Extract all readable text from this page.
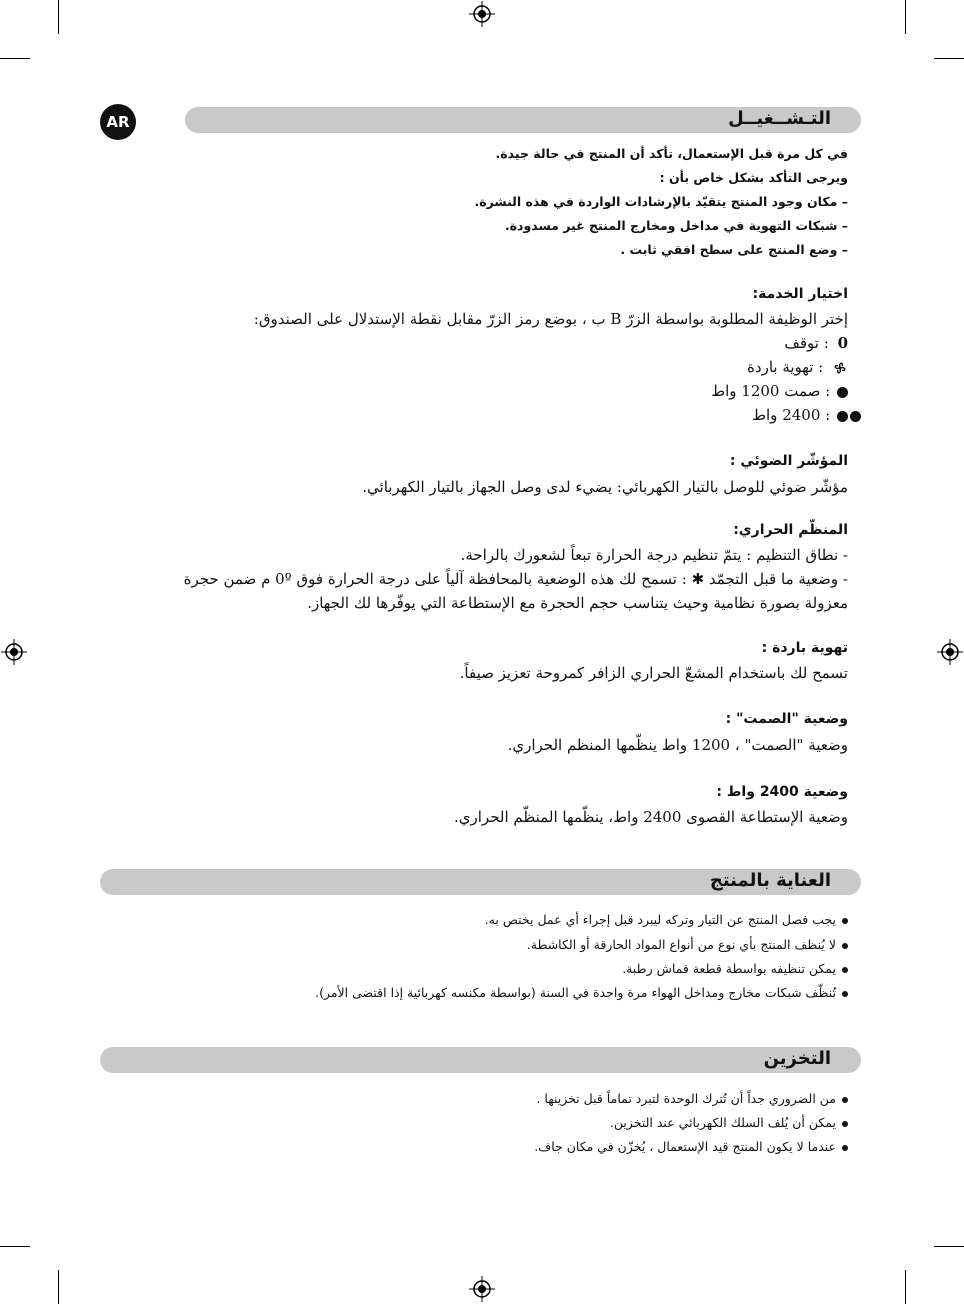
AR	التـشــغيــل
في كل مرة قبل الإستعمال، تأكد أن المنتج في حالة جيدة.
ويرجى التأكد بشكل خاص بأن :
– مكان وجود المنتج يتقيّد بالإرشادات الواردة في هذه النشرة.
– شبكات التهوية في مداخل ومخارج المنتج غير مسدودة.
– وضع المنتج على سطح افقي ثابت .
اختيار الخدمة:
إختر الوظيفة المطلوبة بواسطة الزرّ B ب ، بوضع رمز الزرّ مقابل نقطة الإستدلال على الصندوق:
0 : توقف
: تهوية باردة
: صمت 1200 واط
: 2400 واط
المؤشّر الضوئي :
مؤشّر ضوئي للوصل بالتيار الكهربائي: يضيء لدى وصل الجهاز بالتيار الكهربائي.
المنظّم الحراري:
- نطاق التنظيم : يتمّ تنظيم درجة الحرارة تبعاً لشعورك بالراحة.
- وضعية ما قبل التجمّد ✱ : تسمح لك هذه الوضعية بالمحافظة آلياً على درجة الحرارة فوق 0º م ضمن حجرة
معزولة بصورة نظامية وحيث يتناسب حجم الحجرة مع الإستطاعة التي يوفّرها لك الجهاز.
تهوية باردة :
تسمح لك باستخدام المشعّ الحراري الزافر كمروحة تعزيز صيفاً.
وضعية "الصمت" :
وضعية "الصمت" ، 1200 واط ينظّمها المنظم الحراري.
وضعية 2400 واط :
وضعية الإستطاعة القصوى 2400 واط، ينظّمها المنظّم الحراري.
العناية بالمنتج
يجب فصل المنتج عن التيار وتركه ليبرد قبل إجراء أي عمل يختص به.
لا يُنظف المنتج بأي نوع من أنواع المواد الحارقة أو الكاشطة.
يمكن تنظيفه بواسطة قطعة قماش رطبة.
تُنظّف شبكات مخارج ومداخل الهواء مرة واحدة في السنة (بواسطة مكنسه كهربائية إذا اقتضى الأمر).
التخزين
من الضروري جداً أن تُترك الوحدة لتبرد تماماً قبل تخزينها .
يمكن أن يُلف السلك الكهربائي عند التخزين.
عندما لا يكون المنتج قيد الإستعمال ، يُخزّن في مكان جاف.
